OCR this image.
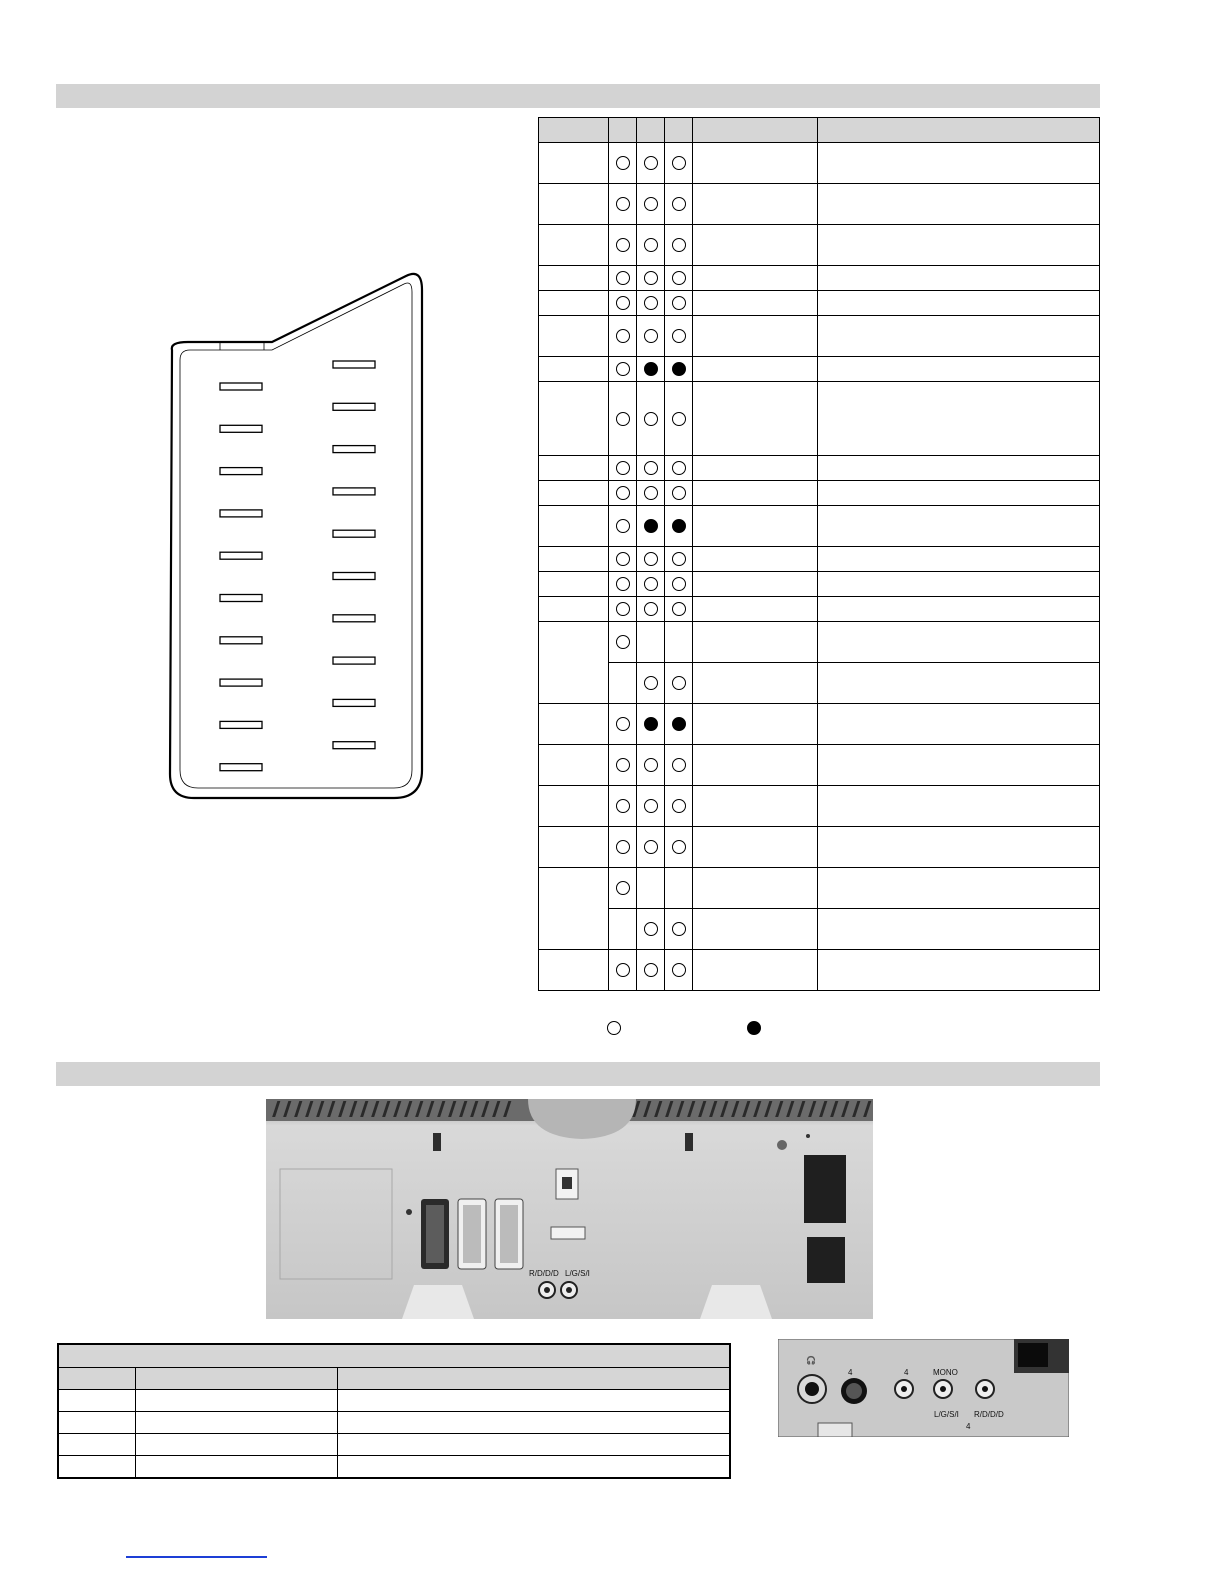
R/D/D/D L/G/S/I
🎧
4	4	MONO
L/G/S/I R/D/D/D
4
